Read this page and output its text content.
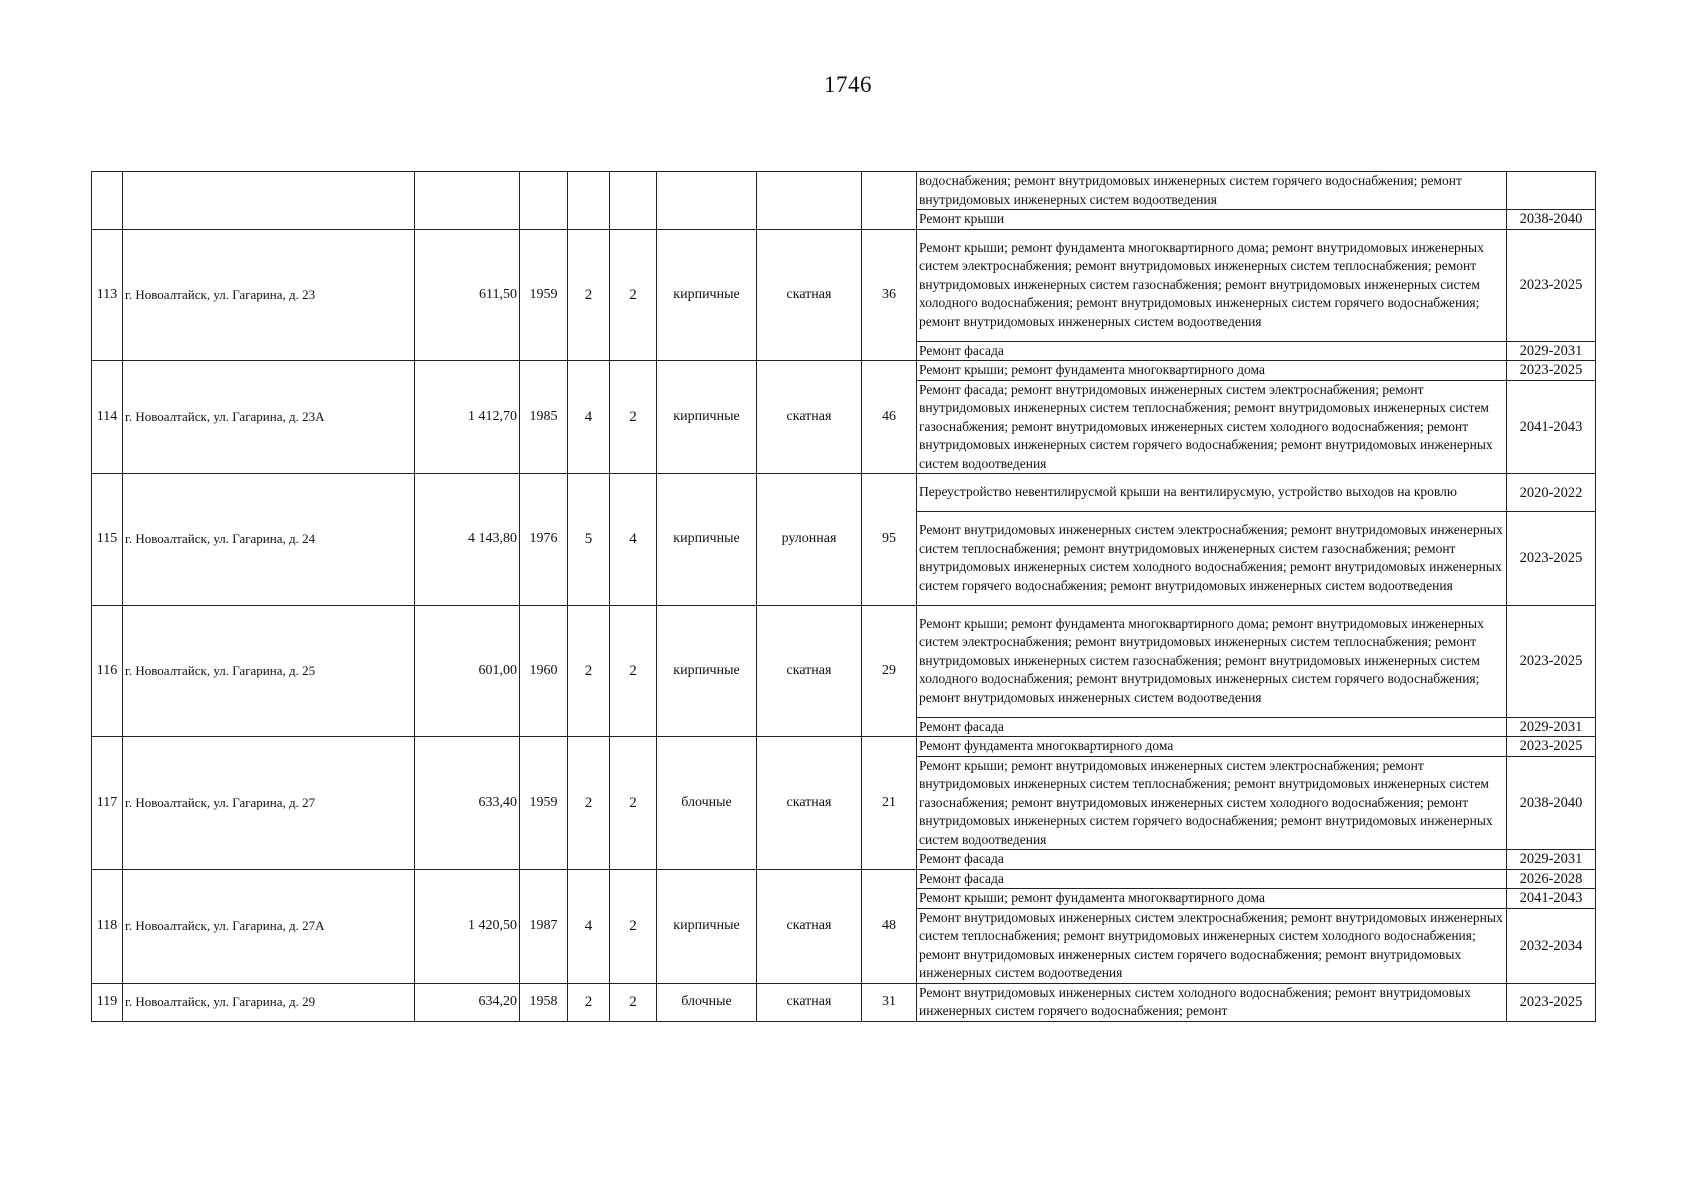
1746
									водоснабжения; ремонт внутридомовых инженерных систем горячего водоснабжения; ремонт внутридомовых инженерных систем водоотведения	
									Ремонт крыши	2038-2040
113	г. Новоалтайск, ул. Гагарина, д. 23	611,50	1959	2	2	кирпичные	скатная	36	Ремонт крыши; ремонт фундамента многоквартирного дома; ремонт внутридомовых инженерных систем электроснабжения; ремонт внутридомовых инженерных систем теплоснабжения; ремонт внутридомовых инженерных систем газоснабжения; ремонт внутридомовых инженерных систем холодного водоснабжения; ремонт внутридомовых инженерных систем горячего водоснабжения; ремонт внутридомовых инженерных систем водоотведения	2023-2025
									Ремонт фасада	2029-2031
114	г. Новоалтайск, ул. Гагарина, д. 23А	1 412,70	1985	4	2	кирпичные	скатная	46	Ремонт крыши; ремонт фундамента многоквартирного дома	2023-2025
									Ремонт фасада; ремонт внутридомовых инженерных систем электроснабжения; ремонт внутридомовых инженерных систем теплоснабжения; ремонт внутридомовых инженерных систем газоснабжения; ремонт внутридомовых инженерных систем холодного водоснабжения; ремонт внутридомовых инженерных систем горячего водоснабжения; ремонт внутридомовых инженерных систем водоотведения	2041-2043
115	г. Новоалтайск, ул. Гагарина, д. 24	4 143,80	1976	5	4	кирпичные	рулонная	95	Переустройство невентилирусмой крыши на вентилирусмую, устройство выходов на кровлю	2020-2022
									Ремонт внутридомовых инженерных систем электроснабжения; ремонт внутридомовых инженерных систем теплоснабжения; ремонт внутридомовых инженерных систем газоснабжения; ремонт внутридомовых инженерных систем холодного водоснабжения; ремонт внутридомовых инженерных систем горячего водоснабжения; ремонт внутридомовых инженерных систем водоотведения	2023-2025
116	г. Новоалтайск, ул. Гагарина, д. 25	601,00	1960	2	2	кирпичные	скатная	29	Ремонт крыши; ремонт фундамента многоквартирного дома; ремонт внутридомовых инженерных систем электроснабжения; ремонт внутридомовых инженерных систем теплоснабжения; ремонт внутридомовых инженерных систем газоснабжения; ремонт внутридомовых инженерных систем холодного водоснабжения; ремонт внутридомовых инженерных систем горячего водоснабжения; ремонт внутридомовых инженерных систем водоотведения	2023-2025
									Ремонт фасада	2029-2031
117	г. Новоалтайск, ул. Гагарина, д. 27	633,40	1959	2	2	блочные	скатная	21	Ремонт фундамента многоквартирного дома	2023-2025
									Ремонт крыши; ремонт внутридомовых инженерных систем электроснабжения; ремонт внутридомовых инженерных систем теплоснабжения; ремонт внутридомовых инженерных систем газоснабжения; ремонт внутридомовых инженерных систем холодного водоснабжения; ремонт внутридомовых инженерных систем горячего водоснабжения; ремонт внутридомовых инженерных систем водоотведения	2038-2040
									Ремонт фасада	2029-2031
118	г. Новоалтайск, ул. Гагарина, д. 27А	1 420,50	1987	4	2	кирпичные	скатная	48	Ремонт фасада	2026-2028
									Ремонт крыши; ремонт фундамента многоквартирного дома	2041-2043
									Ремонт внутридомовых инженерных систем электроснабжения; ремонт внутридомовых инженерных систем теплоснабжения; ремонт внутридомовых инженерных систем холодного водоснабжения; ремонт внутридомовых инженерных систем горячего водоснабжения; ремонт внутридомовых инженерных систем водоотведения	2032-2034
119	г. Новоалтайск, ул. Гагарина, д. 29	634,20	1958	2	2	блочные	скатная	31	Ремонт внутридомовых инженерных систем холодного водоснабжения; ремонт внутридомовых инженерных систем горячего водоснабжения; ремонт	2023-2025
